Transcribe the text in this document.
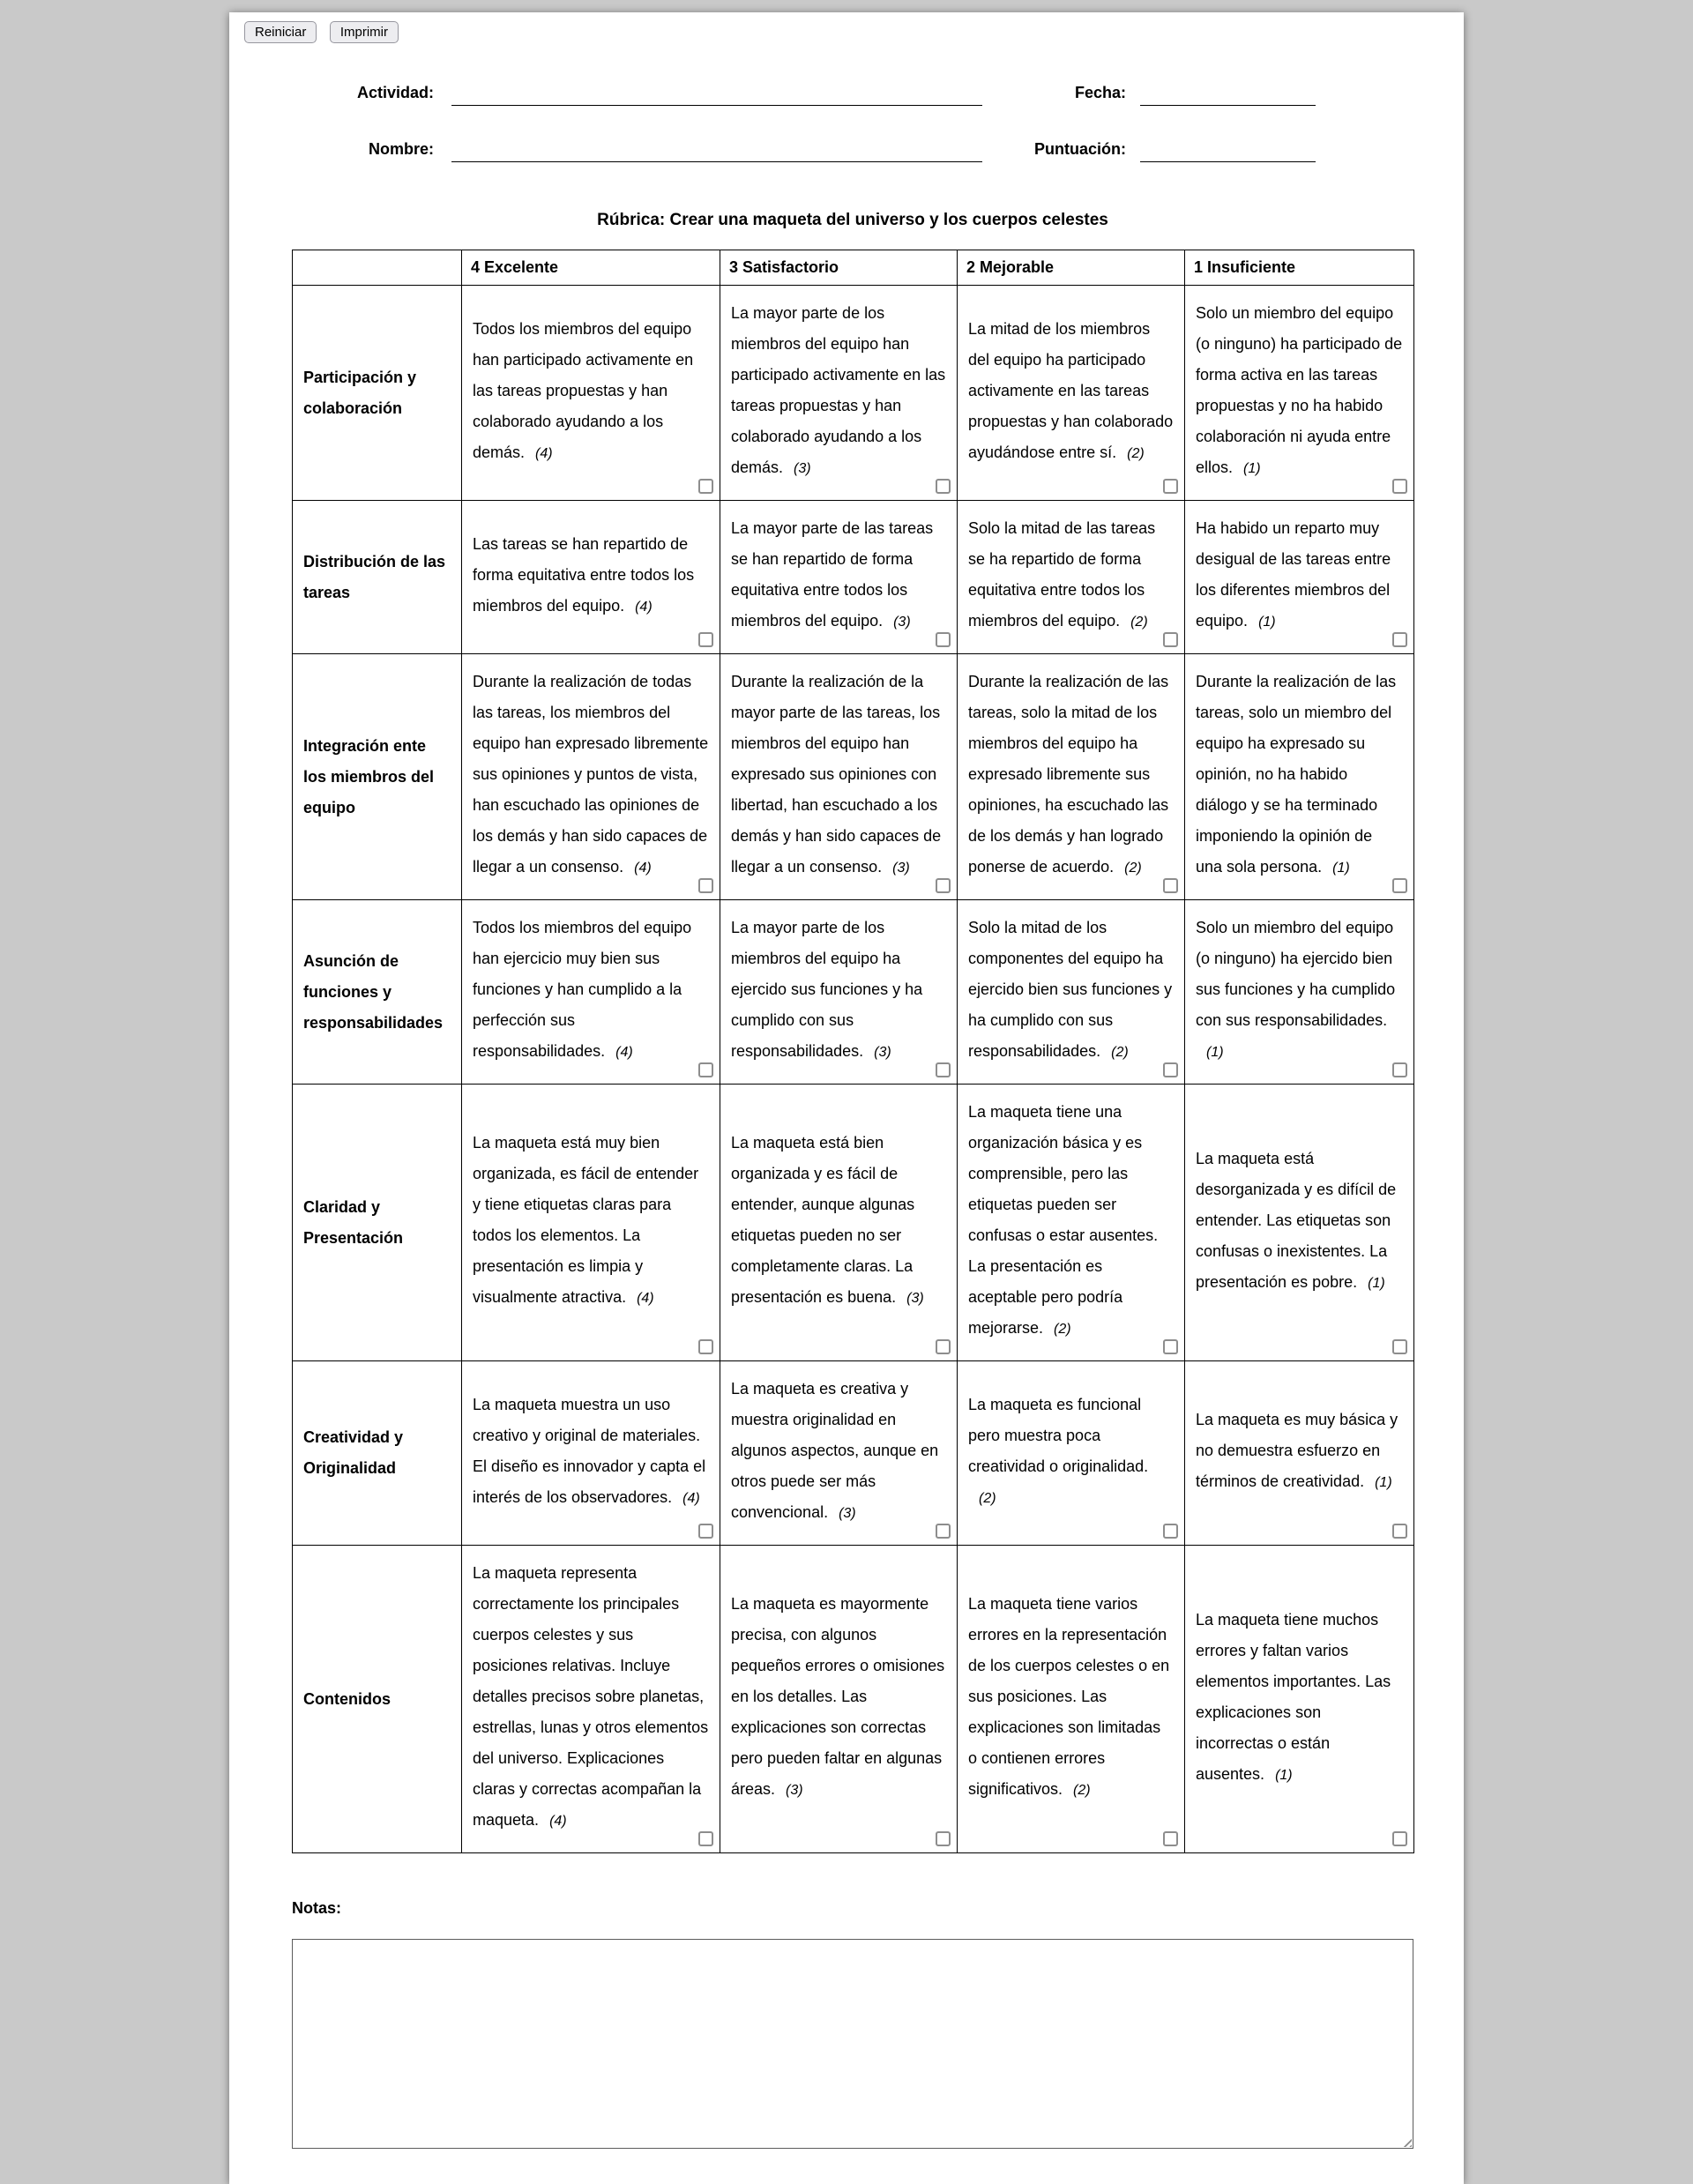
Reiniciar	Imprimir
Actividad:	Fecha:
Nombre:	Puntuación:
Rúbrica: Crear una maqueta del universo y los cuerpos celestes
	4 Excelente	3 Satisfactorio	2 Mejorable	1 Insuficiente
Participación y colaboración	Todos los miembros del equipo han participado activamente en las tareas propuestas y han colaborado ayudando a los demás. (4)	La mayor parte de los miembros del equipo han participado activamente en las tareas propuestas y han colaborado ayudando a los demás. (3)	La mitad de los miembros del equipo ha participado activamente en las tareas propuestas y han colaborado ayudándose entre sí. (2)	Solo un miembro del equipo (o ninguno) ha participado de forma activa en las tareas propuestas y no ha habido colaboración ni ayuda entre ellos. (1)

Distribución de las tareas	Las tareas se han repartido de forma equitativa entre todos los miembros del equipo. (4)	La mayor parte de las tareas se han repartido de forma equitativa entre todos los miembros del equipo. (3)	Solo la mitad de las tareas se ha repartido de forma equitativa entre todos los miembros del equipo. (2)	Ha habido un reparto muy desigual de las tareas entre los diferentes miembros del equipo. (1)

Integración ente los miembros del equipo	Durante la realización de todas las tareas, los miembros del equipo han expresado libremente sus opiniones y puntos de vista, han escuchado las opiniones de los demás y han sido capaces de llegar a un consenso. (4)	Durante la realización de la mayor parte de las tareas, los miembros del equipo han expresado sus opiniones con libertad, han escuchado a los demás y han sido capaces de llegar a un consenso. (3)	Durante la realización de las tareas, solo la mitad de los miembros del equipo ha expresado libremente sus opiniones, ha escuchado las de los demás y han logrado ponerse de acuerdo. (2)	Durante la realización de las tareas, solo un miembro del equipo ha expresado su opinión, no ha habido diálogo y se ha terminado imponiendo la opinión de una sola persona. (1)

Asunción de funciones y responsabilidades	Todos los miembros del equipo han ejercicio muy bien sus funciones y han cumplido a la perfección sus responsabilidades. (4)	La mayor parte de los miembros del equipo ha ejercido sus funciones y ha cumplido con sus responsabilidades. (3)	Solo la mitad de los componentes del equipo ha ejercido bien sus funciones y ha cumplido con sus responsabilidades. (2)	Solo un miembro del equipo (o ninguno) ha ejercido bien sus funciones y ha cumplido con sus responsabilidades.(1)

Claridad y Presentación	La maqueta está muy bien organizada, es fácil de entender y tiene etiquetas claras para todos los elementos. La presentación es limpia y visualmente atractiva. (4)	La maqueta está bien organizada y es fácil de entender, aunque algunas etiquetas pueden no ser completamente claras. La presentación es buena. (3)	La maqueta tiene una organización básica y es comprensible, pero las etiquetas pueden ser confusas o estar ausentes. La presentación es aceptable pero podría mejorarse. (2)	La maqueta está desorganizada y es difícil de entender. Las etiquetas son confusas o inexistentes. La presentación es pobre. (1)

Creatividad y Originalidad	La maqueta muestra un uso creativo y original de materiales. El diseño es innovador y capta el interés de los observadores. (4)	La maqueta es creativa y muestra originalidad en algunos aspectos, aunque en otros puede ser más convencional. (3)	La maqueta es funcional pero muestra poca creatividad o originalidad.(2)	La maqueta es muy básica y no demuestra esfuerzo en términos de creatividad. (1)

Contenidos	La maqueta representa correctamente los principales cuerpos celestes y sus posiciones relativas. Incluye detalles precisos sobre planetas, estrellas, lunas y otros elementos del universo. Explicaciones claras y correctas acompañan la maqueta. (4)	La maqueta es mayormente precisa, con algunos pequeños errores o omisiones en los detalles. Las explicaciones son correctas pero pueden faltar en algunas áreas. (3)	La maqueta tiene varios errores en la representación de los cuerpos celestes o en sus posiciones. Las explicaciones son limitadas o contienen errores significativos. (2)	La maqueta tiene muchos errores y faltan varios elementos importantes. Las explicaciones son incorrectas o están ausentes. (1)
Notas:
